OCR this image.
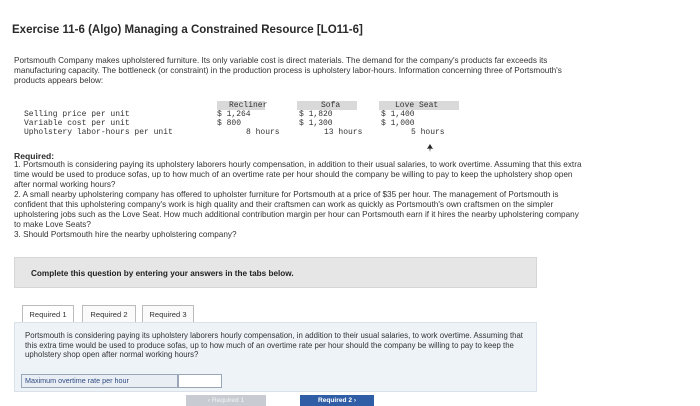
Exercise 11-6 (Algo) Managing a Constrained Resource [LO11-6]
Portsmouth Company makes upholstered furniture. Its only variable cost is direct materials. The demand for the company's products far exceeds its manufacturing capacity. The bottleneck (or constraint) in the production process is upholstery labor-hours. Information concerning three of Portsmouth's products appears below:
Recliner	Sofa	Love Seat
Selling price per unit	$ 1,264	$ 1,820	$ 1,400
Variable cost per unit	$ 800	$ 1,300	$ 1,000
Upholstery labor-hours per unit	8 hours	13 hours	5 hours
Required:
1. Portsmouth is considering paying its upholstery laborers hourly compensation, in addition to their usual salaries, to work overtime. Assuming that this extra time would be used to produce sofas, up to how much of an overtime rate per hour should the company be willing to pay to keep the upholstery shop open after normal working hours?
2. A small nearby upholstering company has offered to upholster furniture for Portsmouth at a price of $35 per hour. The management of Portsmouth is confident that this upholstering company's work is high quality and their craftsmen can work as quickly as Portsmouth's own craftsmen on the simpler upholstering jobs such as the Love Seat. How much additional contribution margin per hour can Portsmouth earn if it hires the nearby upholstering company to make Love Seats?
3. Should Portsmouth hire the nearby upholstering company?
Complete this question by entering your answers in the tabs below.
Required 1	Required 2	Required 3
Portsmouth is considering paying its upholstery laborers hourly compensation, in addition to their usual salaries, to work overtime. Assuming that this extra time would be used to produce sofas, up to how much of an overtime rate per hour should the company be willing to pay to keep the upholstery shop open after normal working hours?
Maximum overtime rate per hour
‹ Required 1	Required 2 ›
